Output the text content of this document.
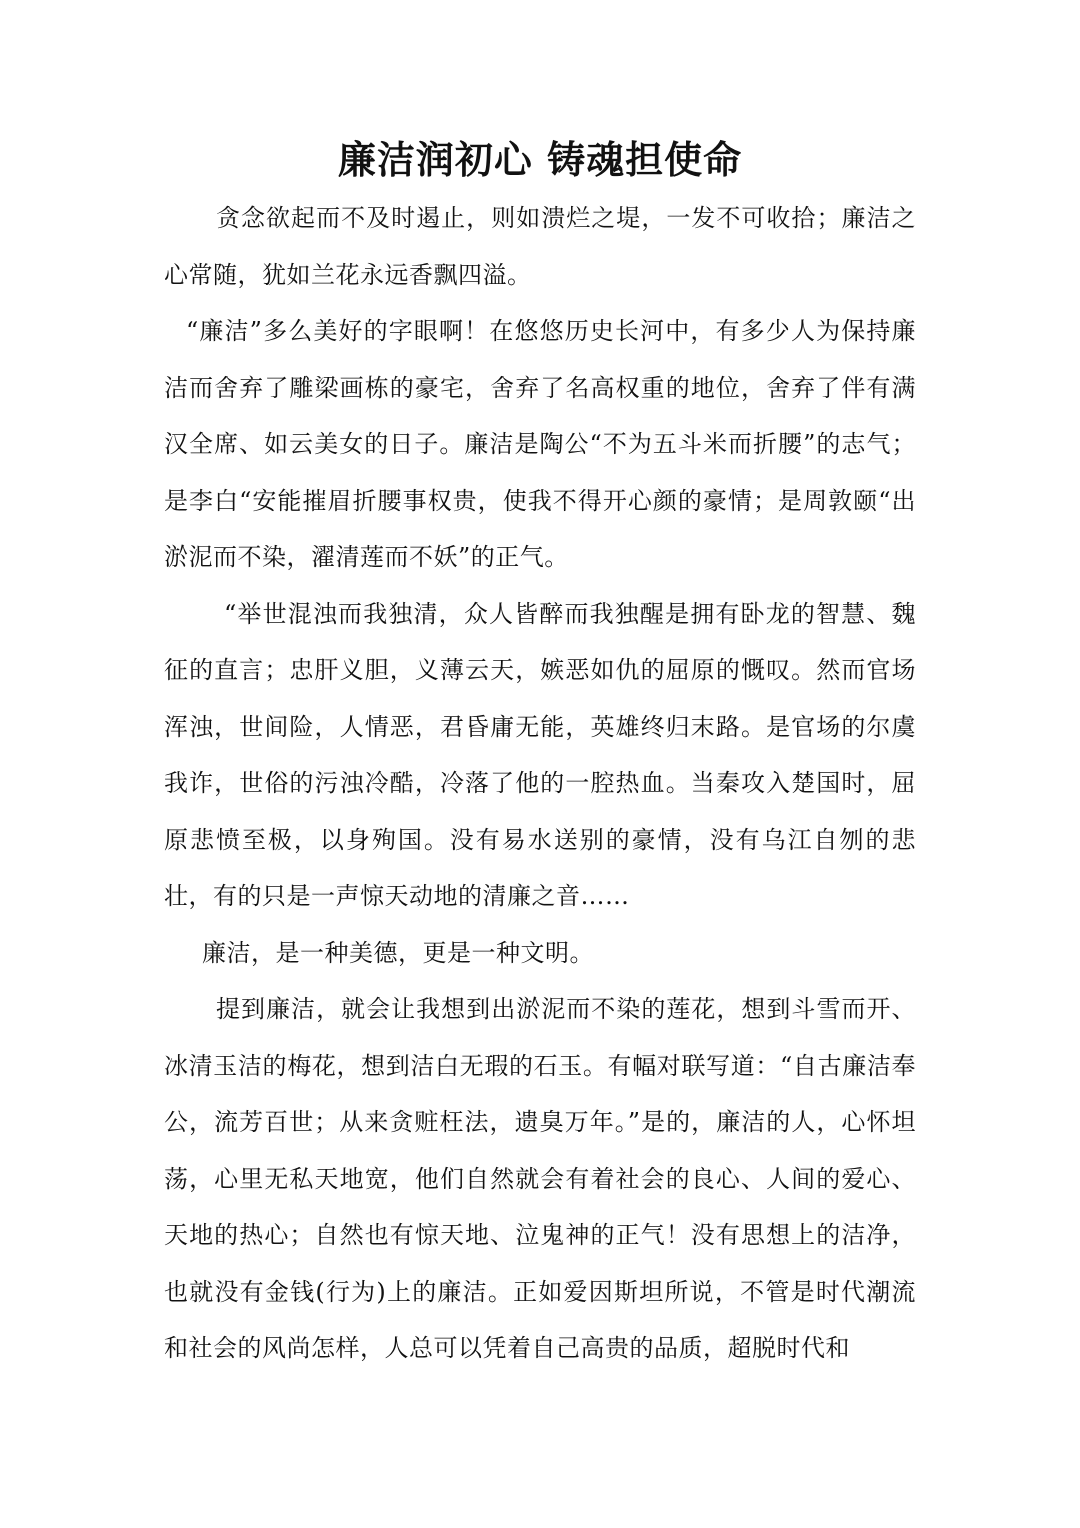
廉洁润初心 铸魂担使命

贪念欲起而不及时遏止，则如溃烂之堤，一发不可收拾；廉洁之心常随，犹如兰花永远香飘四溢。

“廉洁”多么美好的字眼啊！在悠悠历史长河中，有多少人为保持廉洁而舍弃了雕梁画栋的豪宅，舍弃了名高权重的地位，舍弃了伴有满汉全席、如云美女的日子。廉洁是陶公“不为五斗米而折腰”的志气；是李白“安能摧眉折腰事权贵，使我不得开心颜的豪情；是周敦颐“出淤泥而不染，濯清莲而不妖”的正气。

“举世混浊而我独清，众人皆醉而我独醒是拥有卧龙的智慧、魏征的直言；忠肝义胆，义薄云天，嫉恶如仇的屈原的慨叹。然而官场浑浊，世间险，人情恶，君昏庸无能，英雄终归末路。是官场的尔虞我诈，世俗的污浊冷酷，冷落了他的一腔热血。当秦攻入楚国时，屈原悲愤至极，以身殉国。没有易水送别的豪情，没有乌江自刎的悲壮，有的只是一声惊天动地的清廉之音……

廉洁，是一种美德，更是一种文明。

提到廉洁，就会让我想到出淤泥而不染的莲花，想到斗雪而开、冰清玉洁的梅花，想到洁白无瑕的石玉。有幅对联写道：“自古廉洁奉公，流芳百世；从来贪赃枉法，遗臭万年。”是的，廉洁的人，心怀坦荡，心里无私天地宽，他们自然就会有着社会的良心、人间的爱心、天地的热心；自然也有惊天地、泣鬼神的正气！没有思想上的洁净，也就没有金钱(行为)上的廉洁。正如爱因斯坦所说，不管是时代潮流和社会的风尚怎样，人总可以凭着自己高贵的品质，超脱时代和
